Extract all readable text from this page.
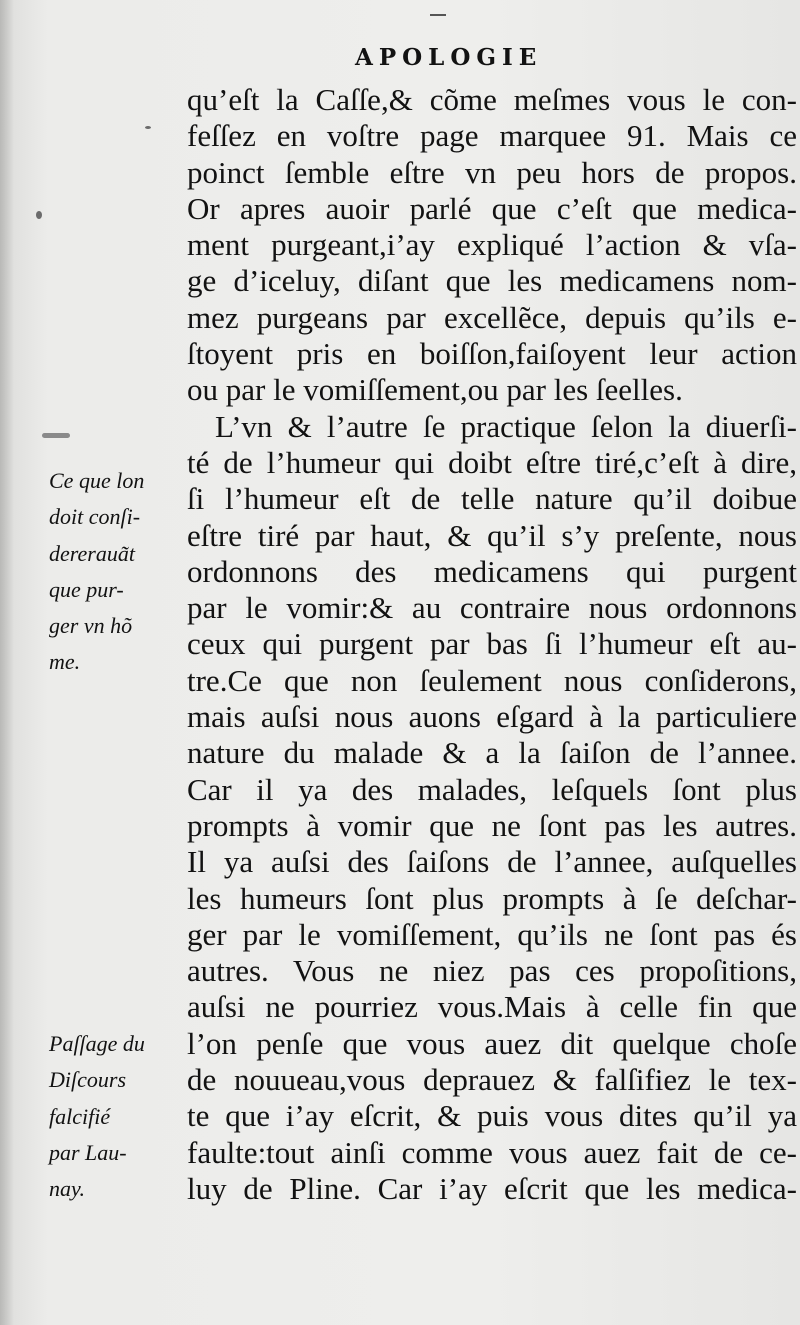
APOLOGIE
qu’eſt la Caſſe,& cõme meſmes vous le con-
feſſez en voſtre page marquee 91. Mais ce
poinct ſemble eſtre vn peu hors de propos.
Or apres auoir parlé que c’eſt que medica-
ment purgeant,i’ay expliqué l’action & vſa-
ge d’iceluy, diſant que les medicamens nom-
mez purgeans par excellẽce, depuis qu’ils e-
ſtoyent pris en boiſſon,faiſoyent leur action
ou par le vomiſſement,ou par les ſeelles.
L’vn & l’autre ſe practique ſelon la diuerſi-
té de l’humeur qui doibt eſtre tiré,c’eſt à dire,
ſi l’humeur eſt de telle nature qu’il doibue
eſtre tiré par haut, & qu’il s’y preſente, nous
ordonnons des medicamens qui purgent
par le vomir:& au contraire nous ordonnons
ceux qui purgent par bas ſi l’humeur eſt au-
tre.Ce que non ſeulement nous conſiderons,
mais auſsi nous auons eſgard à la particuliere
nature du malade & a la ſaiſon de l’annee.
Car il ya des malades, leſquels ſont plus
prompts à vomir que ne ſont pas les autres.
Il ya auſsi des ſaiſons de l’annee, auſquelles
les humeurs ſont plus prompts à ſe deſchar-
ger par le vomiſſement, qu’ils ne ſont pas és
autres. Vous ne niez pas ces propoſitions,
auſsi ne pourriez vous.Mais à celle fin que
l’on penſe que vous auez dit quelque choſe
de nouueau,vous deprauez & falſifiez le tex-
te que i’ay eſcrit, & puis vous dites qu’il ya
faulte:tout ainſi comme vous auez fait de ce-
luy de Pline. Car i’ay eſcrit que les medica-
Ce que lon
doit conſi-
dereraua͂t
que pur-
ger vn hõ
me.
Paſſage du
Diſcours
falcifié
par Lau-
nay.
